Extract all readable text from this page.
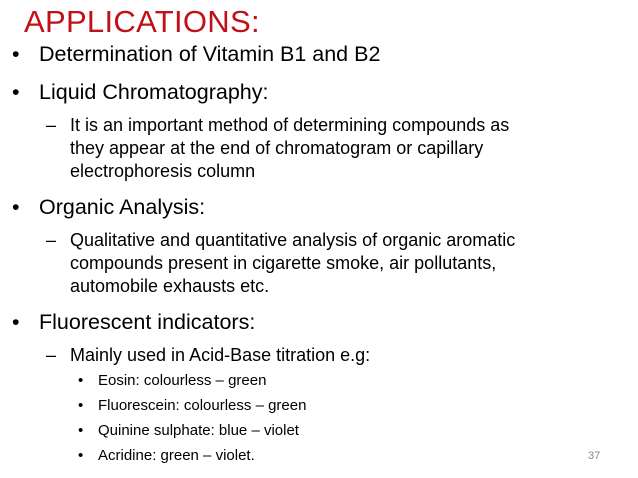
APPLICATIONS:
• Determination of Vitamin B1 and B2
• Liquid Chromatography:
– It is an important method of determining compounds as
they appear at the end of chromatogram or capillary
electrophoresis column
• Organic Analysis:
– Qualitative and quantitative analysis of organic aromatic
compounds present in cigarette smoke, air pollutants,
automobile exhausts etc.
• Fluorescent indicators:
– Mainly used in Acid-Base titration e.g:
• Eosin: colourless – green
• Fluorescein: colourless – green
• Quinine sulphate: blue – violet
• Acridine: green – violet.	37
